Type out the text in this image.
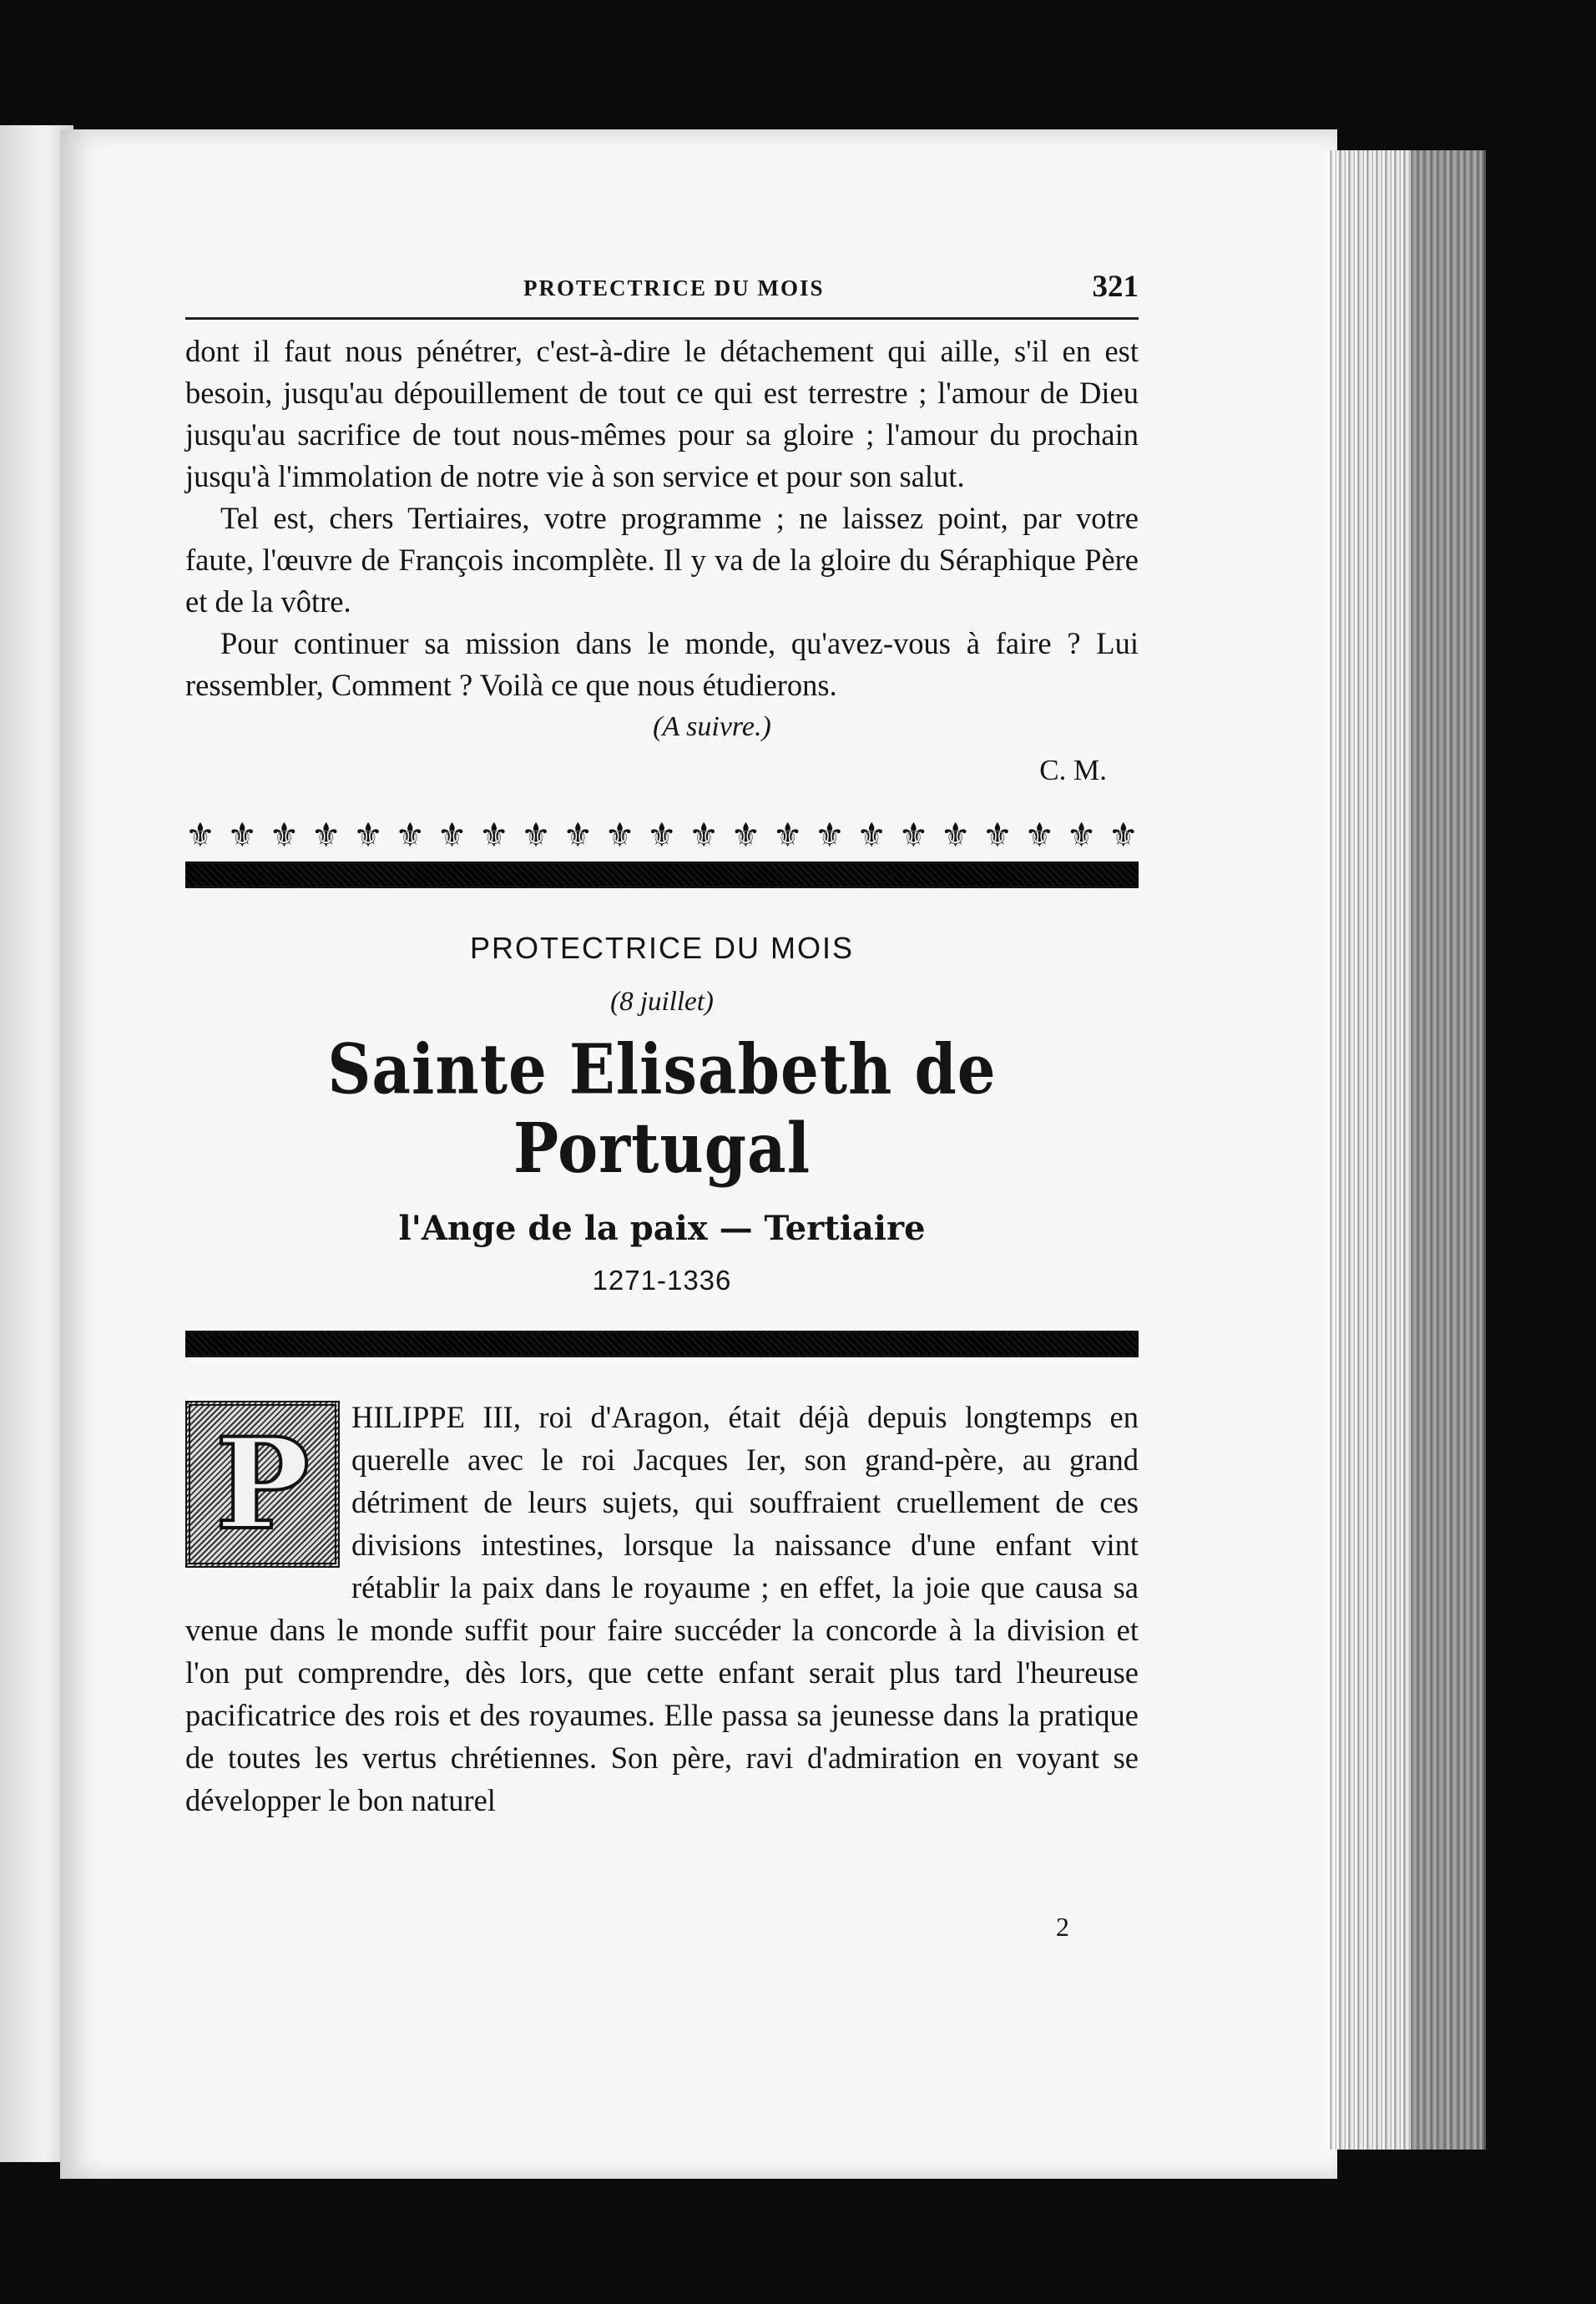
PROTECTRICE DU MOIS	321

dont il faut nous pénétrer, c'est-à-dire le détachement qui aille, s'il en est besoin, jusqu'au dépouillement de tout ce qui est terrestre ; l'amour de Dieu jusqu'au sacrifice de tout nous-mêmes pour sa gloire ; l'amour du prochain jusqu'à l'immolation de notre vie à son service et pour son salut.

Tel est, chers Tertiaires, votre programme ; ne laissez point, par votre faute, l'œuvre de François incomplète. Il y va de la gloire du Séraphique Père et de la vôtre.

Pour continuer sa mission dans le monde, qu'avez-vous à faire ? Lui ressembler, Comment ? Voilà ce que nous étudierons.

(A suivre.)
C. M.
⚜ ⚜ ⚜ ⚜ ⚜ ⚜ ⚜ ⚜ ⚜ ⚜ ⚜ ⚜ ⚜ ⚜ ⚜ ⚜ ⚜ ⚜ ⚜ ⚜ ⚜ ⚜ ⚜
PROTECTRICE DU MOIS
(8 juillet)
Sainte Elisabeth de Portugal
l'Ange de la paix — Tertiaire
1271-1336
P HILIPPE III, roi d'Aragon, était déjà depuis longtemps en querelle avec le roi Jacques Ier, son grand-père, au grand détriment de leurs sujets, qui souffraient cruellement de ces divisions intestines, lorsque la naissance d'une enfant vint rétablir la paix dans le royaume ; en effet, la joie que causa sa venue dans le monde suffit pour faire succéder la concorde à la division et l'on put comprendre, dès lors, que cette enfant serait plus tard l'heureuse pacificatrice des rois et des royaumes. Elle passa sa jeunesse dans la pratique de toutes les vertus chrétiennes. Son père, ravi d'admiration en voyant se développer le bon naturel
2
